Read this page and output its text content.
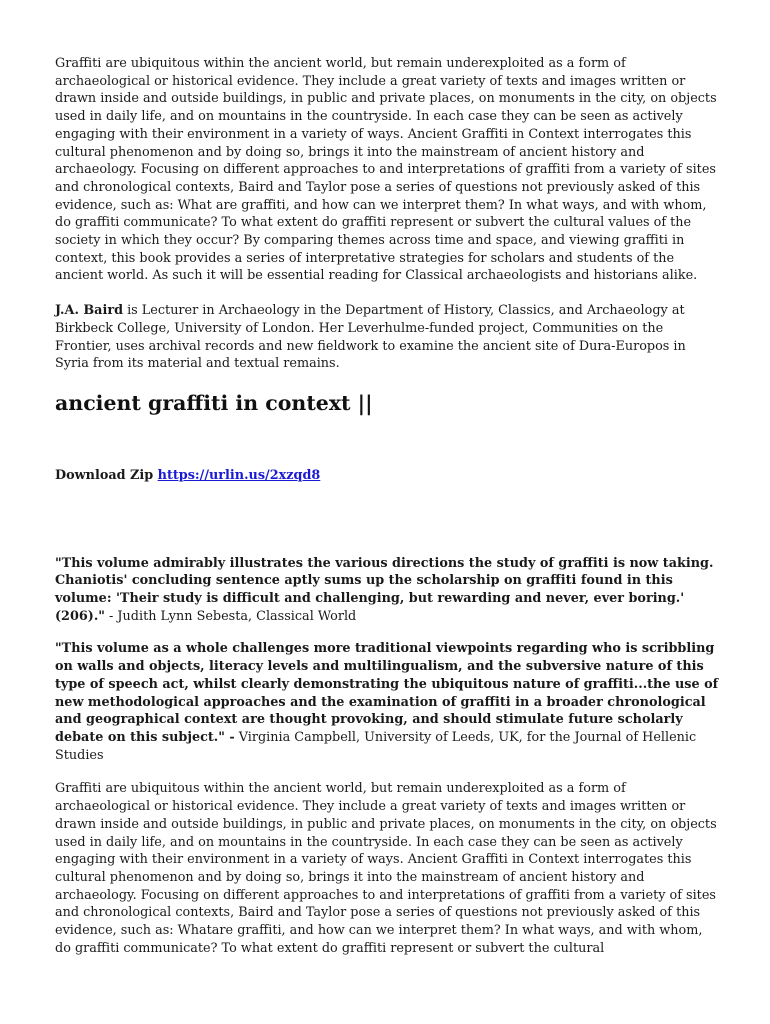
Graffiti are ubiquitous within the ancient world, but remain underexploited as a form of archaeological or historical evidence. They include a great variety of texts and images written or drawn inside and outside buildings, in public and private places, on monuments in the city, on objects used in daily life, and on mountains in the countryside. In each case they can be seen as actively engaging with their environment in a variety of ways. Ancient Graffiti in Context interrogates this cultural phenomenon and by doing so, brings it into the mainstream of ancient history and archaeology. Focusing on different approaches to and interpretations of graffiti from a variety of sites and chronological contexts, Baird and Taylor pose a series of questions not previously asked of this evidence, such as: What are graffiti, and how can we interpret them? In what ways, and with whom, do graffiti communicate? To what extent do graffiti represent or subvert the cultural values of the society in which they occur? By comparing themes across time and space, and viewing graffiti in context, this book provides a series of interpretative strategies for scholars and students of the ancient world. As such it will be essential reading for Classical archaeologists and historians alike.

J.A. Baird is Lecturer in Archaeology in the Department of History, Classics, and Archaeology at Birkbeck College, University of London. Her Leverhulme-funded project, Communities on the Frontier, uses archival records and new fieldwork to examine the ancient site of Dura-Europos in Syria from its material and textual remains.

ancient graffiti in context ||

Download Zip https://urlin.us/2xzqd8

"This volume admirably illustrates the various directions the study of graffiti is now taking. Chaniotis' concluding sentence aptly sums up the scholarship on graffiti found in this volume: 'Their study is difficult and challenging, but rewarding and never, ever boring.' (206)." - Judith Lynn Sebesta, Classical World

"This volume as a whole challenges more traditional viewpoints regarding who is scribbling on walls and objects, literacy levels and multilingualism, and the subversive nature of this type of speech act, whilst clearly demonstrating the ubiquitous nature of graffiti...the use of new methodological approaches and the examination of graffiti in a broader chronological and geographical context are thought provoking, and should stimulate future scholarly debate on this subject." - Virginia Campbell, University of Leeds, UK, for the Journal of Hellenic Studies

Graffiti are ubiquitous within the ancient world, but remain underexploited as a form of archaeological or historical evidence. They include a great variety of texts and images written or drawn inside and outside buildings, in public and private places, on monuments in the city, on objects used in daily life, and on mountains in the countryside. In each case they can be seen as actively engaging with their environment in a variety of ways. Ancient Graffiti in Context interrogates this cultural phenomenon and by doing so, brings it into the mainstream of ancient history and archaeology. Focusing on different approaches to and interpretations of graffiti from a variety of sites and chronological contexts, Baird and Taylor pose a series of questions not previously asked of this evidence, such as: Whatare graffiti, and how can we interpret them? In what ways, and with whom, do graffiti communicate? To what extent do graffiti represent or subvert the cultural
